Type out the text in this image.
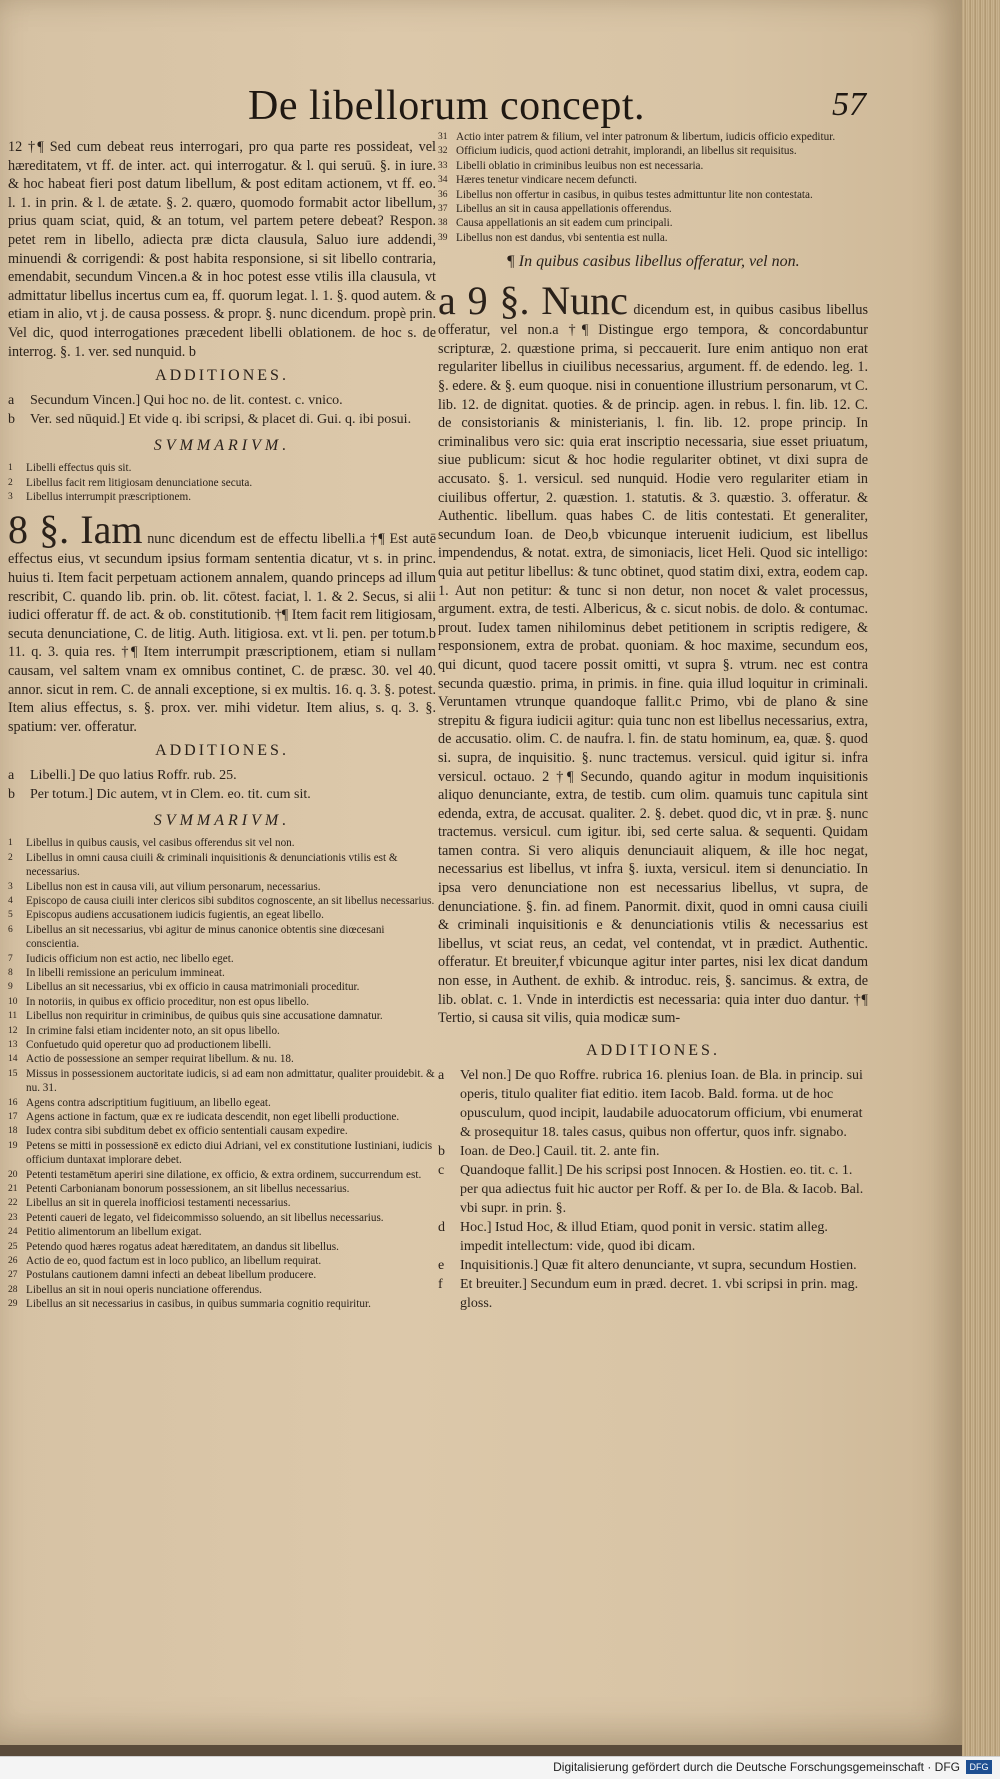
De libellorum concept.	57

12 †¶ Sed cum debeat reus interrogari, pro qua parte res possideat, vel hæreditatem, vt ff. de inter. act. qui interrogatur. & l. qui seruū. §. in iure. & hoc habeat fieri post datum libellum, & post editam actionem, vt ff. eo. l. 1. in prin. & l. de ætate. §. 2. quæro, quomodo formabit actor libellum, prius quam sciat, quid, & an totum, vel partem petere debeat? Respon. petet rem in libello, adiecta præ dicta clausula, Saluo iure addendi, minuendi & corrigendi: & post habita responsione, si sit libello contraria, emendabit, secundum Vincen.a & in hoc potest esse vtilis illa clausula, vt admittatur libellus incertus cum ea, ff. quorum legat. l. 1. §. quod autem. & etiam in alio, vt j. de causa possess. & propr. §. nunc dicendum. propè prin. Vel dic, quod interrogationes præcedent libelli oblationem. de hoc s. de interrog. §. 1. ver. sed nunquid. b

ADDITIONES.
a	Secundum Vincen.] Qui hoc no. de lit. contest. c. vnico.
b	Ver. sed nūquid.] Et vide q. ibi scripsi, & placet di. Gui. q. ibi posui.
SVMMARIVM.
1	Libelli effectus quis sit.
2	Libellus facit rem litigiosam denunciatione secuta.
3	Libellus interrumpit præscriptionem.

8 §. Iam nunc dicendum est de effectu libelli.a †¶ Est autē effectus eius, vt secundum ipsius formam sententia dicatur, vt s. in princ. huius ti. Item facit perpetuam actionem annalem, quando princeps ad illum rescribit, C. quando lib. prin. ob. lit. cōtest. faciat, l. 1. & 2. Secus, si alii iudici offeratur ff. de act. & ob. constitutionib. †¶ Item facit rem litigiosam, secuta denunciatione, C. de litig. Auth. litigiosa. ext. vt li. pen. per totum.b 11. q. 3. quia res. †¶ Item interrumpit præscriptionem, etiam si nullam causam, vel saltem vnam ex omnibus continet, C. de præsc. 30. vel 40. annor. sicut in rem. C. de annali exceptione, si ex multis. 16. q. 3. §. potest. Item alius effectus, s. §. prox. ver. mihi videtur. Item alius, s. q. 3. §. spatium: ver. offeratur.

ADDITIONES.
a	Libelli.] De quo latius Roffr. rub. 25.
b	Per totum.] Dic autem, vt in Clem. eo. tit. cum sit.
SVMMARIVM.
1	Libellus in quibus causis, vel casibus offerendus sit vel non.
2	Libellus in omni causa ciuili & criminali inquisitionis & denunciationis vtilis est & necessarius.
3	Libellus non est in causa vili, aut vilium personarum, necessarius.
4	Episcopo de causa ciuili inter clericos sibi subditos cognoscente, an sit libellus necessarius.
5	Episcopus audiens accusationem iudicis fugientis, an egeat libello.
6	Libellus an sit necessarius, vbi agitur de minus canonice obtentis sine diœcesani conscientia.
7	Iudicis officium non est actio, nec libello eget.
8	In libelli remissione an periculum immineat.
9	Libellus an sit necessarius, vbi ex officio in causa matrimoniali proceditur.
10 In notoriis, in quibus ex officio proceditur, non est opus libello.
11 Libellus non requiritur in criminibus, de quibus quis sine accusatione damnatur.
12 In crimine falsi etiam incidenter noto, an sit opus libello.
13 Confuetudo quid operetur quo ad productionem libelli.
14 Actio de possessione an semper requirat libellum. & nu. 18.
15 Missus in possessionem auctoritate iudicis, si ad eam non admittatur, qualiter prouidebit. & nu. 31.
16 Agens contra adscriptitium fugitiuum, an libello egeat.
17 Agens actione in factum, quæ ex re iudicata descendit, non eget libelli productione.
18 Iudex contra sibi subditum debet ex officio sententiali causam expedire.
19 Petens se mitti in possessionē ex edicto diui Adriani, vel ex constitutione Iustiniani, iudicis officium duntaxat implorare debet.
20 Petenti testamētum aperiri sine dilatione, ex officio, & extra ordinem, succurrendum est.
21 Petenti Carbonianam bonorum possessionem, an sit libellus necessarius.
22 Libellus an sit in querela inofficiosi testamenti necessarius.
23 Petenti caueri de legato, vel fideicommisso soluendo, an sit libellus necessarius.
24 Petitio alimentorum an libellum exigat.
25 Petendo quod hæres rogatus adeat hæreditatem, an dandus sit libellus.
26 Actio de eo, quod factum est in loco publico, an libellum requirat.
27 Postulans cautionem damni infecti an debeat libellum producere.
28 Libellus an sit in noui operis nunciatione offerendus.
29 Libellus an sit necessarius in casibus, in quibus summaria cognitio requiritur.
31 Actio inter patrem & filium, vel inter patronum & libertum, iudicis officio expeditur.
32 Officium iudicis, quod actioni detrahit, implorandi, an libellus sit requisitus.
33 Libelli oblatio in criminibus leuibus non est necessaria.
34 Hæres tenetur vindicare necem defuncti.
36 Libellus non offertur in casibus, in quibus testes admittuntur lite non contestata.
37 Libellus an sit in causa appellationis offerendus.
38 Causa appellationis an sit eadem cum principali.
39 Libellus non est dandus, vbi sententia est nulla.
¶ In quibus casibus libellus offeratur, vel non.

a 9 §. Nunc dicendum est, in quibus casibus libellus offeratur, vel non.a †¶ Distingue ergo tempora, & concordabuntur scripturæ, 2. quæstione prima, si peccauerit. Iure enim antiquo non erat regulariter libellus in ciuilibus necessarius, argument. ff. de edendo. leg. 1. §. edere. & §. eum quoque. nisi in conuentione illustrium personarum, vt C. lib. 12. de dignitat. quoties. & de princip. agen. in rebus. l. fin. lib. 12. C. de consistorianis & ministerianis, l. fin. lib. 12. prope princip. In criminalibus vero sic: quia erat inscriptio necessaria, siue esset priuatum, siue publicum: sicut & hoc hodie regulariter obtinet, vt dixi supra de accusato. §. 1. versicul. sed nunquid. Hodie vero regulariter etiam in ciuilibus offertur, 2. quæstion. 1. statutis. & 3. quæstio. 3. offeratur. & Authentic. libellum. quas habes C. de litis contestati. Et generaliter, secundum Ioan. de Deo,b vbicunque interuenit iudicium, est libellus impendendus, & notat. extra, de simoniacis, licet Heli. Quod sic intelligo: quia aut petitur libellus: & tunc obtinet, quod statim dixi, extra, eodem cap. 1. Aut non petitur: & tunc si non detur, non nocet & valet processus, argument. extra, de testi. Albericus, & c. sicut nobis. de dolo. & contumac. prout. Iudex tamen nihilominus debet petitionem in scriptis redigere, & responsionem, extra de probat. quoniam. & hoc maxime, secundum eos, qui dicunt, quod tacere possit omitti, vt supra §. vtrum. nec est contra secunda quæstio. prima, in primis. in fine. quia illud loquitur in criminali. Veruntamen vtrunque quandoque fallit.c Primo, vbi de plano & sine strepitu & figura iudicii agitur: quia tunc non est libellus necessarius, extra, de accusatio. olim. C. de naufra. l. fin. de statu hominum, ea, quæ. §. quod si. supra, de inquisitio. §. nunc tractemus. versicul. quid igitur si. infra versicul. octauo. 2 †¶ Secundo, quando agitur in modum inquisitionis aliquo denunciante, extra, de testib. cum olim. quamuis tunc capitula sint edenda, extra, de accusat. qualiter. 2. §. debet. quod dic, vt in præ. §. nunc tractemus. versicul. cum igitur. ibi, sed certe salua. & sequenti. Quidam tamen contra. Si vero aliquis denunciauit aliquem, & ille hoc negat, necessarius est libellus, vt infra §. iuxta, versicul. item si denunciatio. In ipsa vero denunciatione non est necessarius libellus, vt supra, de denunciatione. §. fin. ad finem. Panormit. dixit, quod in omni causa ciuili & criminali inquisitionis e & denunciationis vtilis & necessarius est libellus, vt sciat reus, an cedat, vel contendat, vt in prædict. Authentic. offeratur. Et breuiter,f vbicunque agitur inter partes, nisi lex dicat dandum non esse, in Authent. de exhib. & introduc. reis, §. sancimus. & extra, de lib. oblat. c. 1. Vnde in interdictis est necessaria: quia inter duo dantur. †¶ Tertio, si causa sit vilis, quia modicæ sum-

ADDITIONES.
a	Vel non.] De quo Roffre. rubrica 16. plenius Ioan. de Bla. in princip. sui operis, titulo qualiter fiat editio. item Iacob. Bald. forma. ut de hoc opusculum, quod incipit, laudabile aduocatorum officium, vbi enumerat & prosequitur 18. tales casus, quibus non offertur, quos infr. signabo.
b	Ioan. de Deo.] Cauil. tit. 2. ante fin.
c	Quandoque fallit.] De his scripsi post Innocen. & Hostien. eo. tit. c. 1. per qua adiectus fuit hic auctor per Roff. & per Io. de Bla. & Iacob. Bal. vbi supr. in prin. §.
d	Hoc.] Istud Hoc, & illud Etiam, quod ponit in versic. statim alleg. impedit intellectum: vide, quod ibi dicam.
e	Inquisitionis.] Quæ fit altero denunciante, vt supra, secundum Hostien.
f	Et breuiter.] Secundum eum in præd. decret. 1. vbi scripsi in prin. mag. gloss.
Digitalisierung gefördert durch die Deutsche Forschungsgemeinschaft · DFG	DFG
